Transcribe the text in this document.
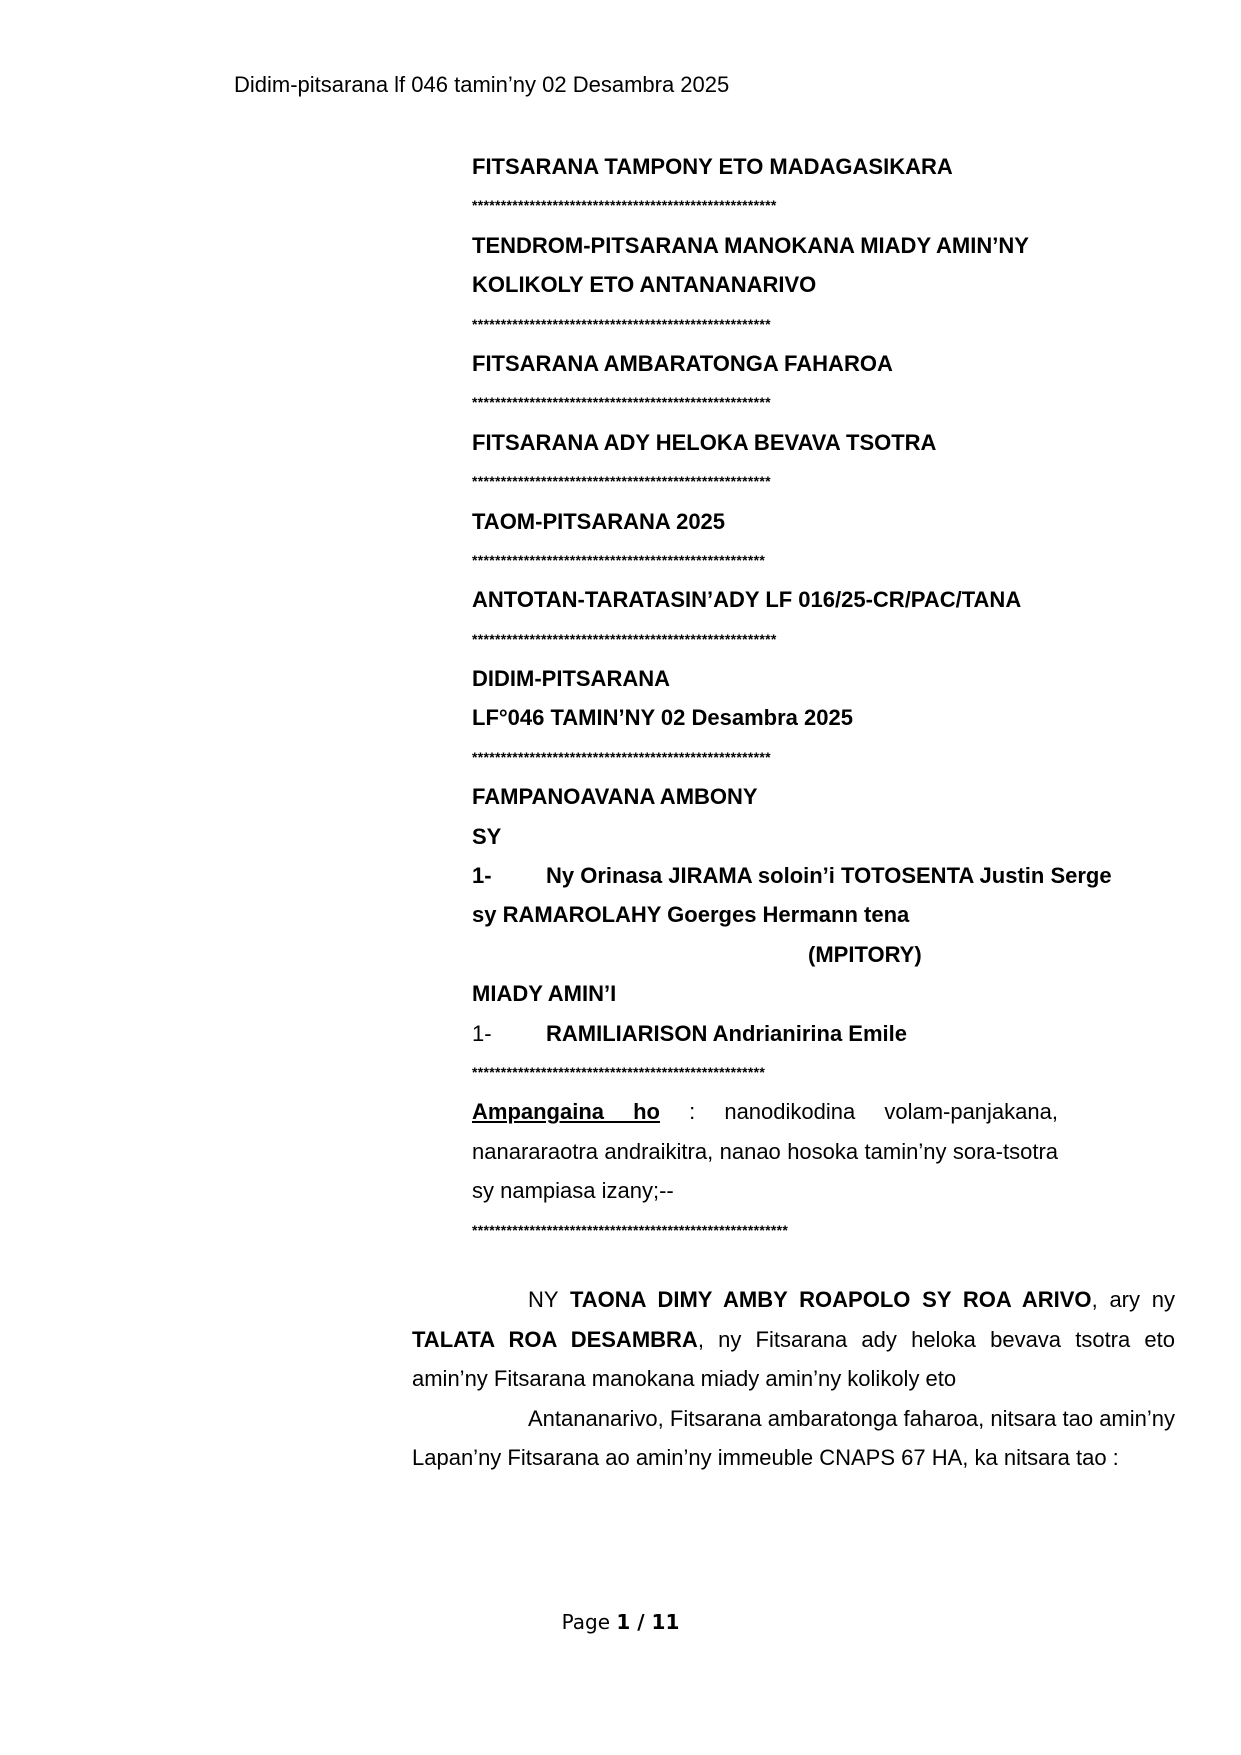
Didim-pitsarana lf 046 tamin’ny 02 Desambra 2025
FITSARANA TAMPONY ETO MADAGASIKARA
*****************************************************
TENDROM-PITSARANA MANOKANA MIADY AMIN’NY
KOLIKOLY ETO ANTANANARIVO
****************************************************
FITSARANA AMBARATONGA FAHAROA
****************************************************
FITSARANA ADY HELOKA BEVAVA TSOTRA
****************************************************
TAOM-PITSARANA 2025
***************************************************
ANTOTAN-TARATASIN’ADY LF 016/25-CR/PAC/TANA
*****************************************************
DIDIM-PITSARANA
LF°046 TAMIN’NY 02 Desambra 2025
****************************************************
FAMPANOAVANA AMBONY
SY
1- Ny Orinasa JIRAMA soloin’i TOTOSENTA Justin Serge
sy RAMAROLAHY Goerges Hermann tena
(MPITORY)
MIADY AMIN’I
1- RAMILIARISON Andrianirina Emile
***************************************************

Ampangaina ho : nanodikodina volam-panjakana, nanararaotra andraikitra, nanao hosoka tamin’ny sora-tsotra sy nampiasa izany;--

*******************************************************

NY TAONA DIMY AMBY ROAPOLO SY ROA ARIVO, ary ny TALATA ROA DESAMBRA, ny Fitsarana ady heloka bevava tsotra eto amin’ny Fitsarana manokana miady amin’ny kolikoly eto

Antananarivo, Fitsarana ambaratonga faharoa, nitsara tao amin’ny Lapan’ny Fitsarana ao amin’ny immeuble CNAPS 67 HA, ka nitsara tao :

Page 1 / 11
